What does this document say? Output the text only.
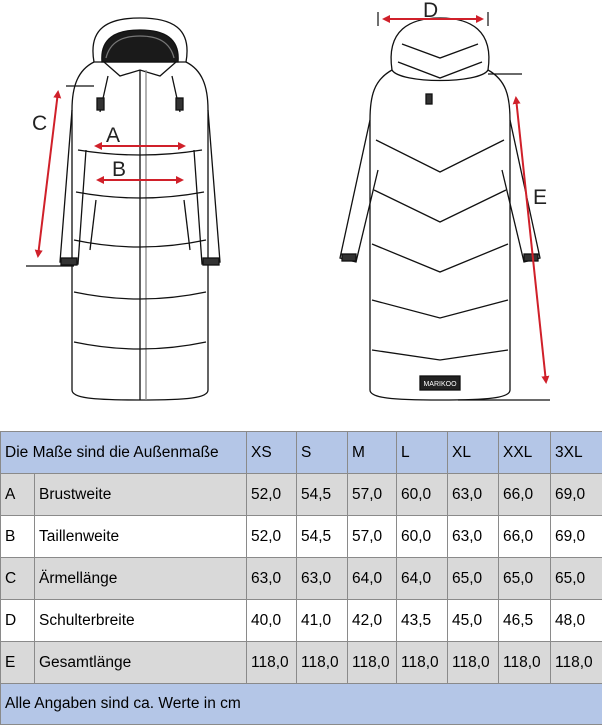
MARIKOO
A
B
C
D
E
Die Maße sind die Außenmaße		XS	S	M	L	XL	XXL	3XL
A	Brustweite	52,0	54,5	57,0	60,0	63,0	66,0	69,0
B	Taillenweite	52,0	54,5	57,0	60,0	63,0	66,0	69,0
C	Ärmellänge	63,0	63,0	64,0	64,0	65,0	65,0	65,0
D	Schulterbreite	40,0	41,0	42,0	43,5	45,0	46,5	48,0
E	Gesamtlänge	118,0	118,0	118,0	118,0	118,0	118,0	118,0
Alle Angaben sind ca. Werte in cm								
